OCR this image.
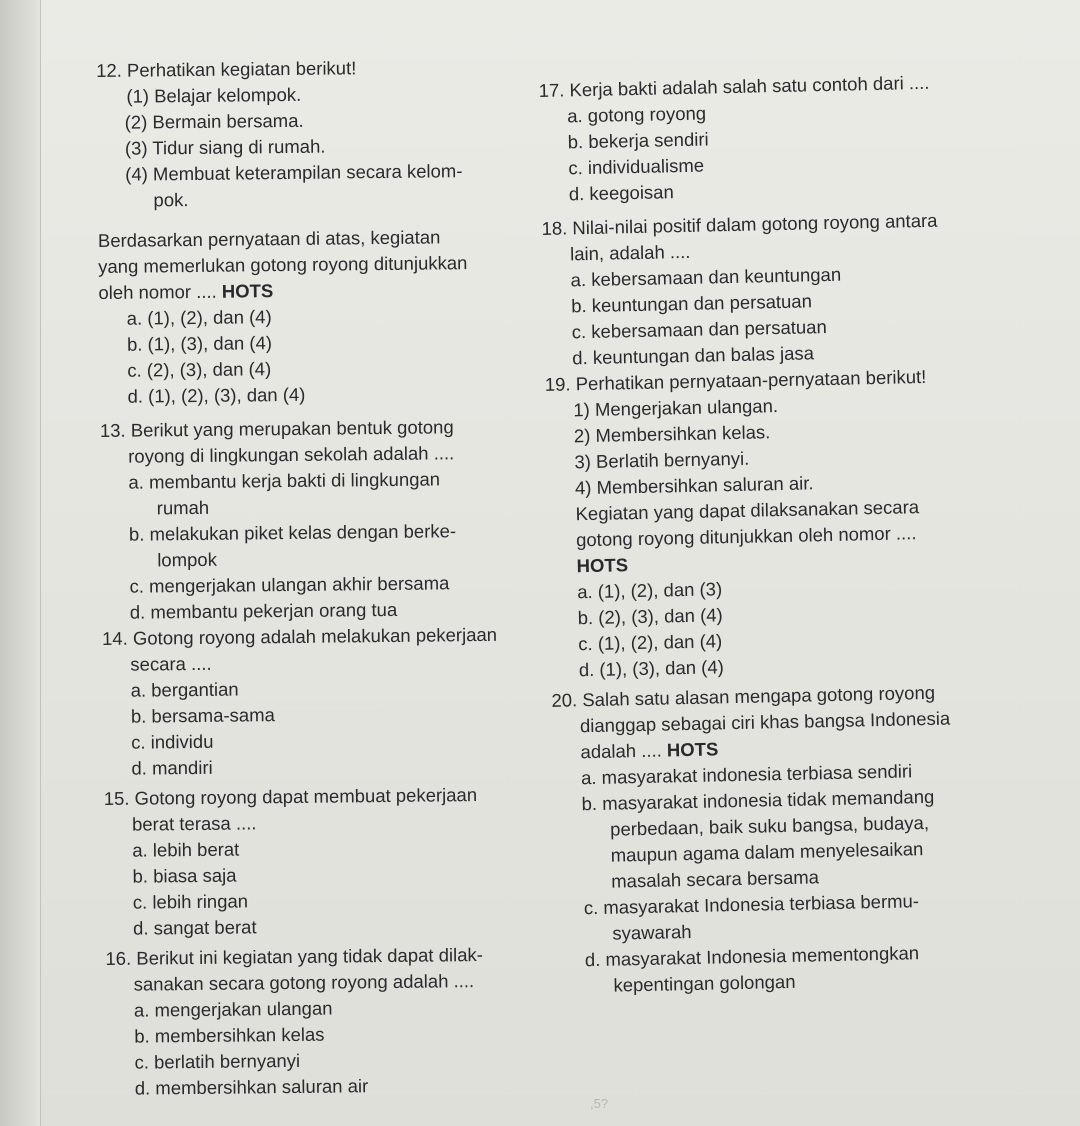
12. Perhatikan kegiatan berikut!
(1) Belajar kelompok.
(2) Bermain bersama.
(3) Tidur siang di rumah.
(4) Membuat keterampilan secara kelom-
pok.
Berdasarkan pernyataan di atas, kegiatan
yang memerlukan gotong royong ditunjukkan
oleh nomor .... HOTS
a. (1), (2), dan (4)
b. (1), (3), dan (4)
c. (2), (3), dan (4)
d. (1), (2), (3), dan (4)
13. Berikut yang merupakan bentuk gotong
royong di lingkungan sekolah adalah ....
a. membantu kerja bakti di lingkungan
rumah
b. melakukan piket kelas dengan berke-
lompok
c. mengerjakan ulangan akhir bersama
d. membantu pekerjan orang tua
14. Gotong royong adalah melakukan pekerjaan
secara ....
a. bergantian
b. bersama-sama
c. individu
d. mandiri
15. Gotong royong dapat membuat pekerjaan
berat terasa ....
a. lebih berat
b. biasa saja
c. lebih ringan
d. sangat berat
16. Berikut ini kegiatan yang tidak dapat dilak-
sanakan secara gotong royong adalah ....
a. mengerjakan ulangan
b. membersihkan kelas
c. berlatih bernyanyi
d. membersihkan saluran air
17. Kerja bakti adalah salah satu contoh dari ....
a. gotong royong
b. bekerja sendiri
c. individualisme
d. keegoisan
18. Nilai-nilai positif dalam gotong royong antara
lain, adalah ....
a. kebersamaan dan keuntungan
b. keuntungan dan persatuan
c. kebersamaan dan persatuan
d. keuntungan dan balas jasa
19. Perhatikan pernyataan-pernyataan berikut!
1) Mengerjakan ulangan.
2) Membersihkan kelas.
3) Berlatih bernyanyi.
4) Membersihkan saluran air.
Kegiatan yang dapat dilaksanakan secara
gotong royong ditunjukkan oleh nomor ....
HOTS
a. (1), (2), dan (3)
b. (2), (3), dan (4)
c. (1), (2), dan (4)
d. (1), (3), dan (4)
20. Salah satu alasan mengapa gotong royong
dianggap sebagai ciri khas bangsa Indonesia
adalah .... HOTS
a. masyarakat indonesia terbiasa sendiri
b. masyarakat indonesia tidak memandang
perbedaan, baik suku bangsa, budaya,
maupun agama dalam menyelesaikan
masalah secara bersama
c. masyarakat Indonesia terbiasa bermu-
syawarah
d. masyarakat Indonesia mementongkan
kepentingan golongan
,5?
